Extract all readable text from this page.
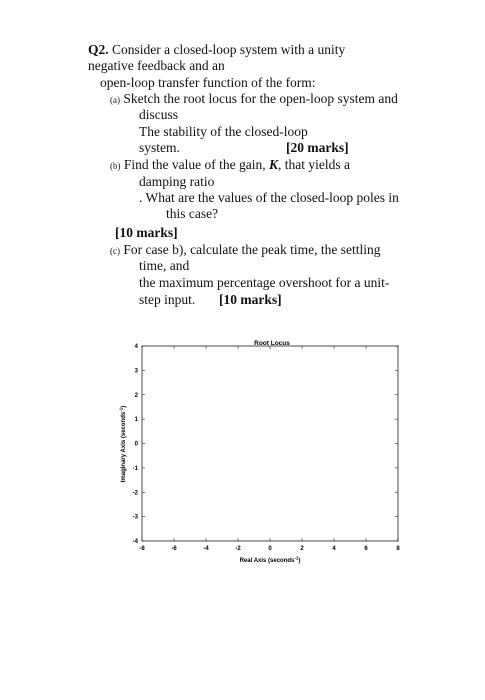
Q2. Consider a closed-loop system with a unity
negative feedback and an
open-loop transfer function of the form:
(a) Sketch the root locus for the open-loop system and
discuss
The stability of the closed-loop
system.	[20 marks]
(b) Find the value of the gain, K, that yields a
damping ratio
. What are the values of the closed-loop poles in
this case?
[10 marks]
(c) For case b), calculate the peak time, the settling
time, and
the maximum percentage overshoot for a unit-
step input. [10 marks]
Root Locus
-8	-6	-4	-2	0	2	4	6	8
-4
-3
-2
-1
0
1
2
3
4
Real Axis (seconds$^{-1}$)
Imaginary Axis (seconds$^{-1}$)
